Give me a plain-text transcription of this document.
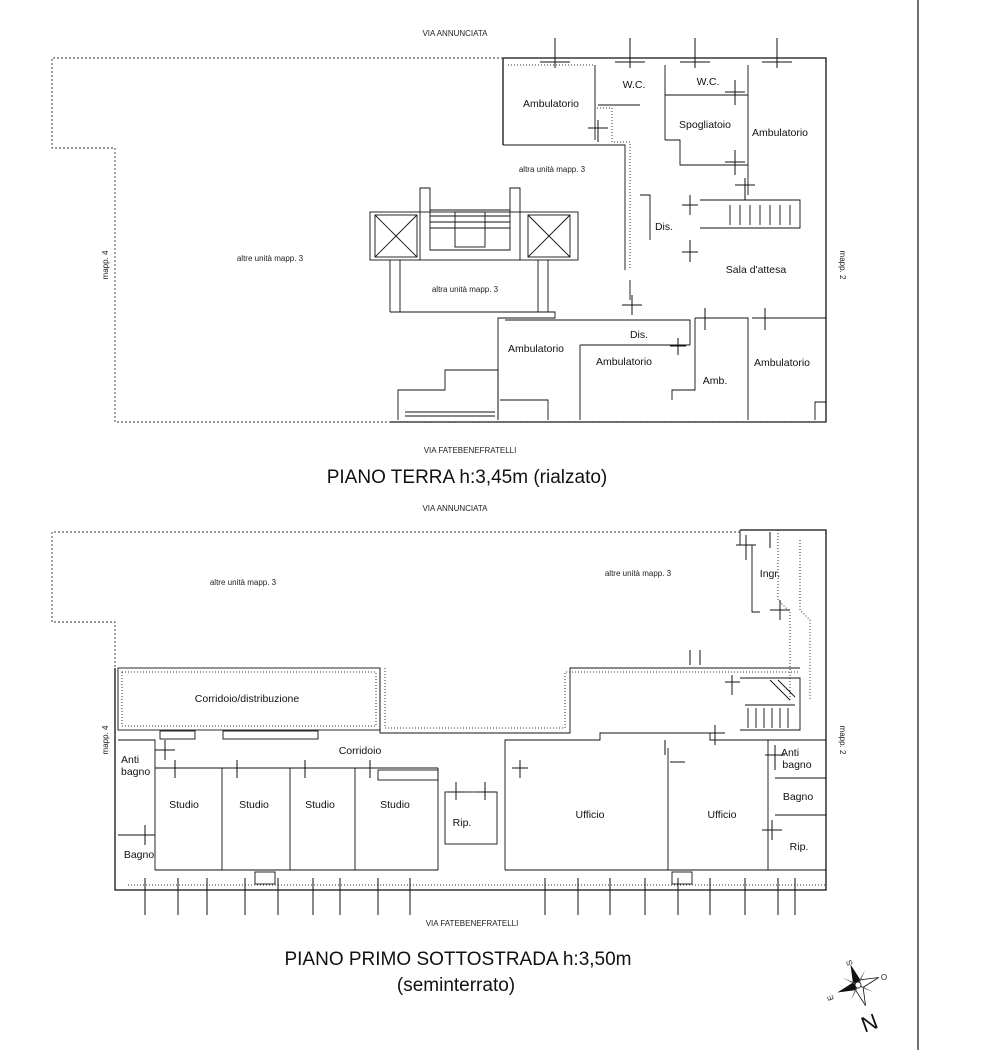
VIA ANNUNCIATA
mapp. 4	mapp. 2
altre unità mapp. 3
altra unità mapp. 3
altra unità mapp. 3
Ambulatorio
W.C.	W.C.
Spogliatoio
Ambulatorio
Dis.
Sala d'attesa
Dis.
Ambulatorio
Ambulatorio
Amb.
Ambulatorio
VIA FATEBENEFRATELLI
PIANO TERRA h:3,45m (rialzato)
VIA ANNUNCIATA
mapp. 4	mapp. 2
altre unità mapp. 3
altre unità mapp. 3	Ingr.
Corridoio/distribuzione
Corridoio
Anti
bagno
Bagno
Studio	Studio	Studio	Studio
Rip.
Ufficio	Ufficio
Anti
bagno
Bagno
Rip.
VIA FATEBENEFRATELLI
PIANO PRIMO SOTTOSTRADA h:3,50m
(seminterrato)
S
E
O
N
